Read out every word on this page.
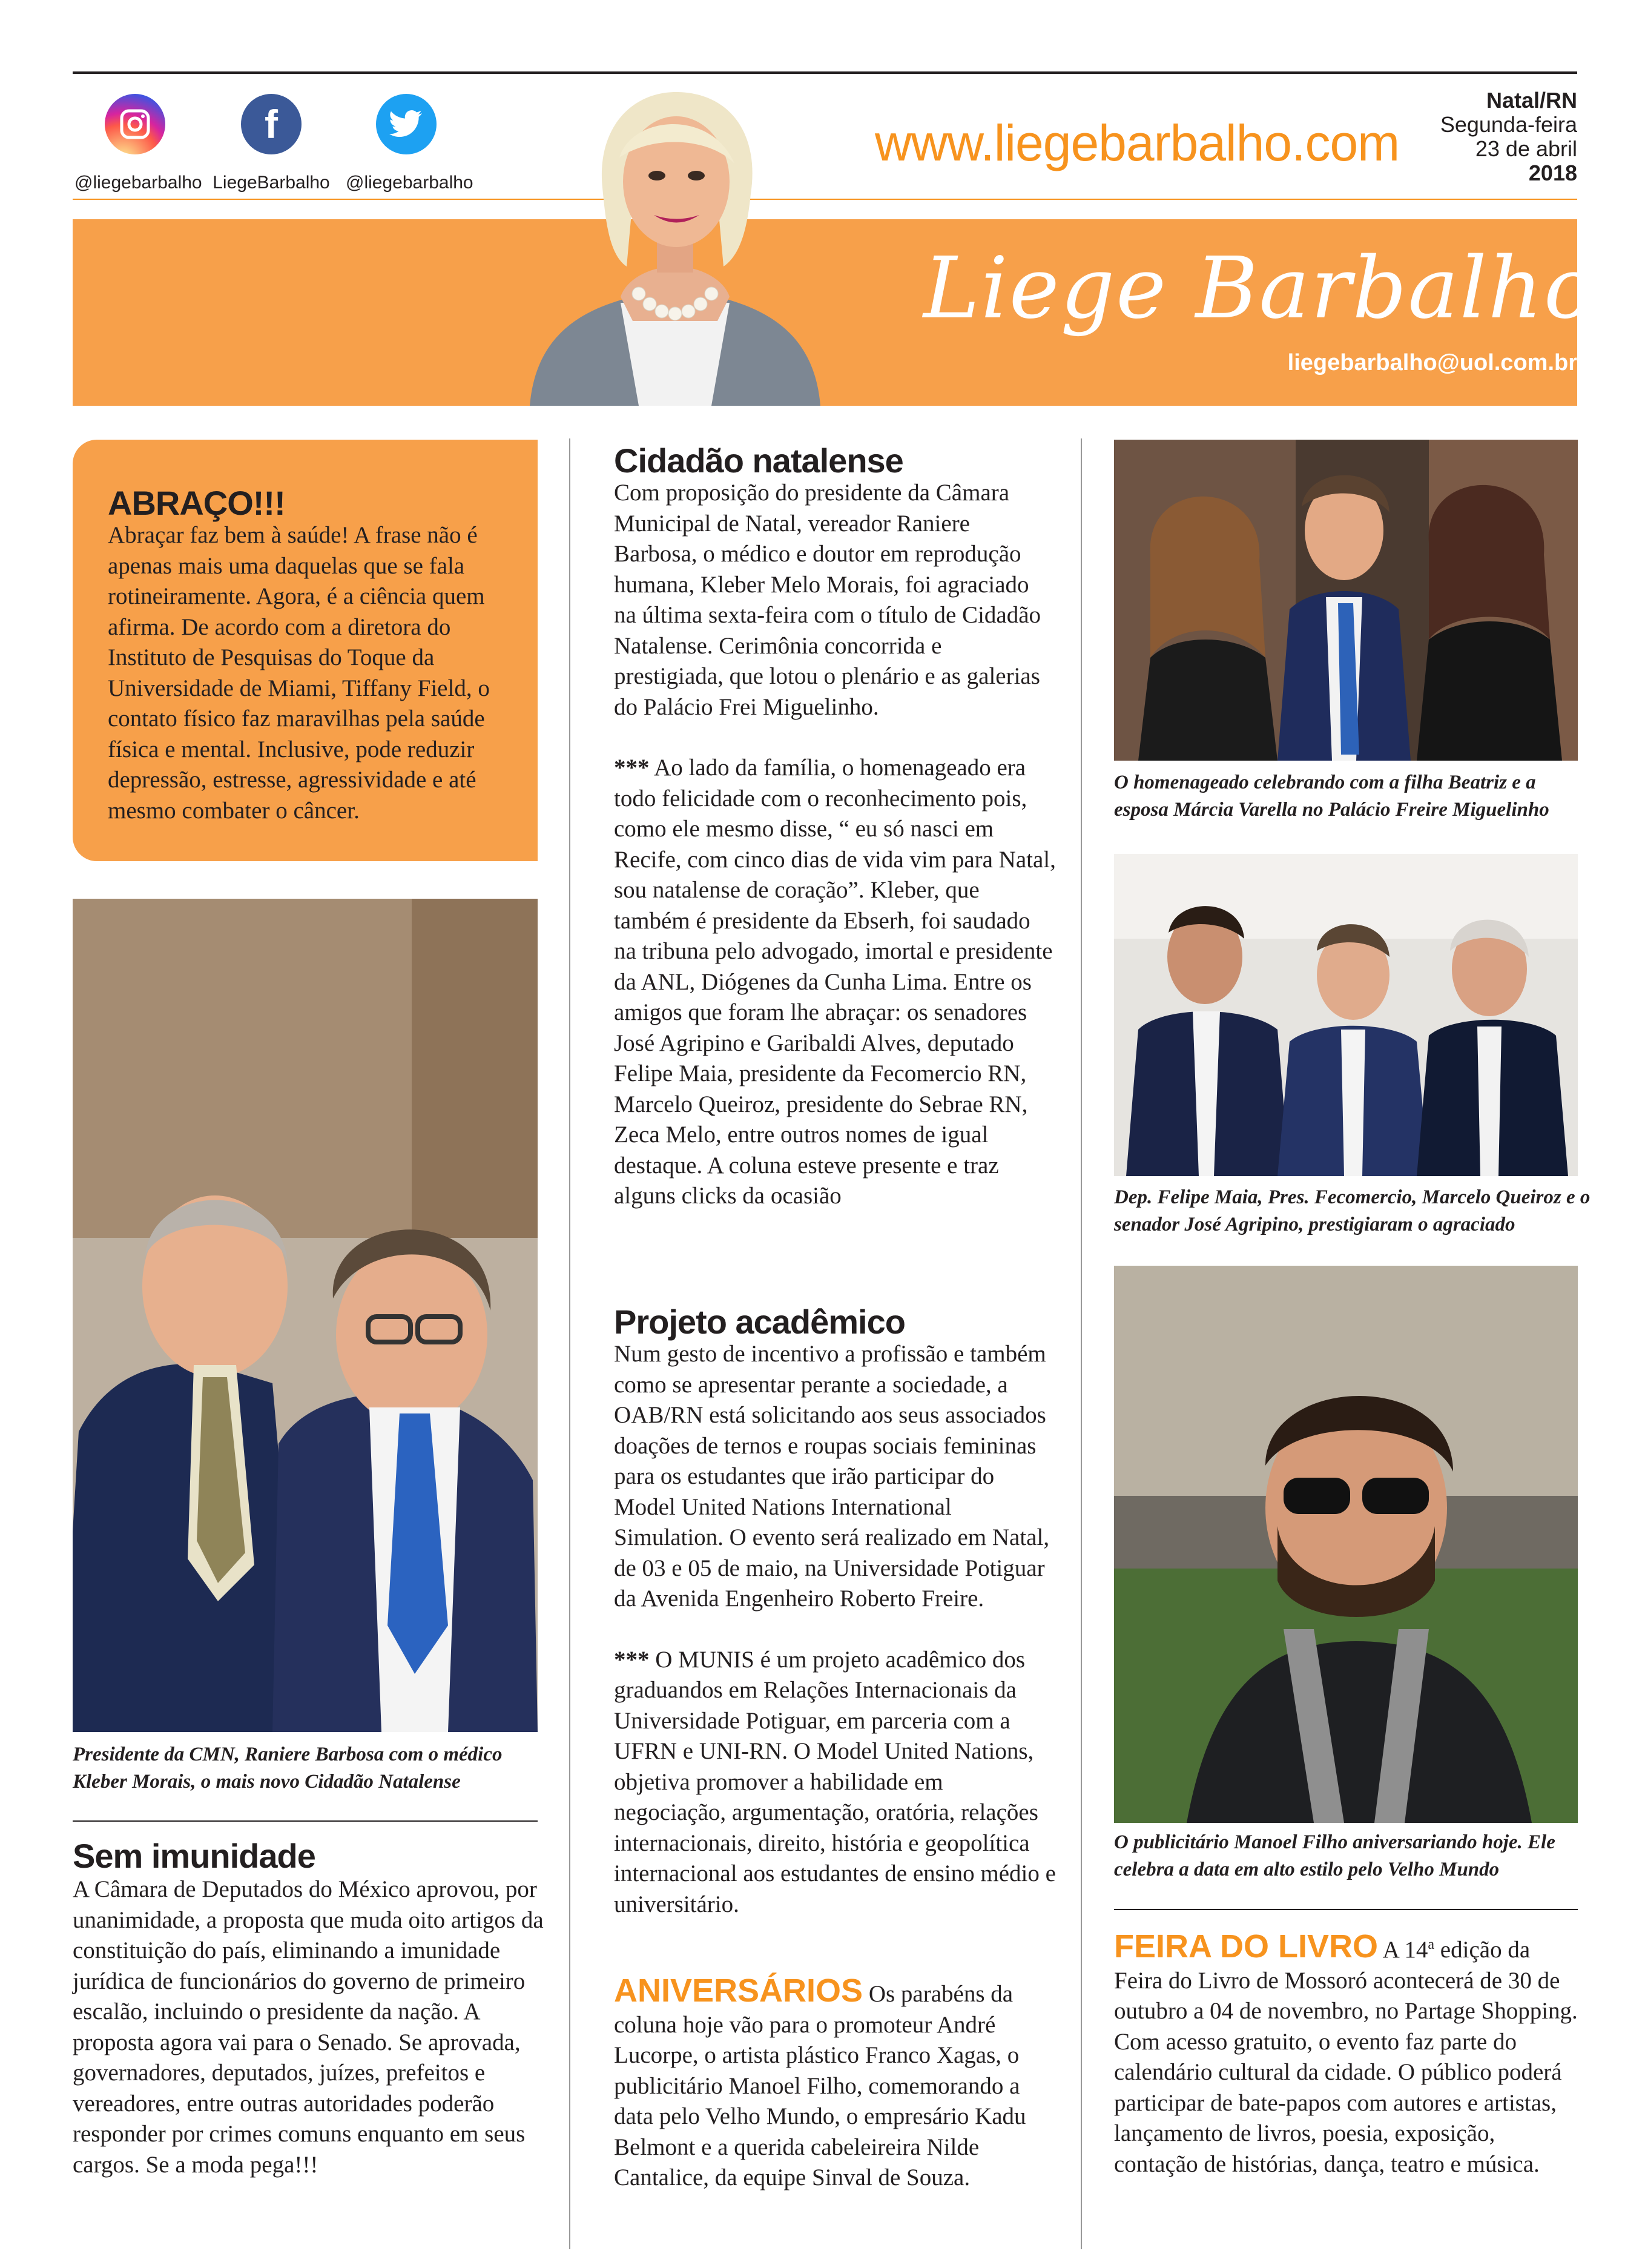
@liegebarbalho
f
LiegeBarbalho @liegebarbalho
www.liegebarbalho.com
Natal/RN
Segunda-feira
23 de abril
2018
Liege Barbalho
liegebarbalho@uol.com.br
ABRAÇO!!!
Abraçar faz bem à saúde! A frase não é apenas mais uma daquelas que se fala rotineiramente. Agora, é a ciência quem afirma. De acordo com a diretora do Instituto de Pesquisas do Toque da Universidade de Miami, Tiffany Field, o contato físico faz maravilhas pela saúde física e mental. Inclusive, pode reduzir depressão, estresse, agressividade e até mesmo combater o câncer.
Presidente da CMN, Raniere Barbosa com o médico Kleber Morais, o mais novo Cidadão Natalense
Sem imunidade
A Câmara de Deputados do México aprovou, por unanimidade, a proposta que muda oito artigos da constituição do país, eliminando a imunidade jurídica de funcionários do governo de primeiro escalão, incluindo o presidente da nação. A proposta agora vai para o Senado. Se aprovada, governadores, deputados, juízes, prefeitos e vereadores, entre outras autoridades poderão responder por crimes comuns enquanto em seus cargos. Se a moda pega!!!
Cidadão natalense
Com proposição do presidente da Câmara Municipal de Natal, vereador Raniere Barbosa, o médico e doutor em reprodução humana, Kleber Melo Morais, foi agraciado na última sexta-feira com o título de Cidadão Natalense. Cerimônia concorrida e prestigiada, que lotou o plenário e as galerias do Palácio Frei Miguelinho.
*** Ao lado da família, o homenageado era todo felicidade com o reconhecimento pois, como ele mesmo disse, “ eu só nasci em Recife, com cinco dias de vida vim para Natal, sou natalense de coração”. Kleber, que também é presidente da Ebserh, foi saudado na tribuna pelo advogado, imortal e presidente da ANL, Diógenes da Cunha Lima. Entre os amigos que foram lhe abraçar: os senadores José Agripino e Garibaldi Alves, deputado Felipe Maia, presidente da Fecomercio RN, Marcelo Queiroz, presidente do Sebrae RN, Zeca Melo, entre outros nomes de igual destaque. A coluna esteve presente e traz alguns clicks da ocasião
Projeto acadêmico
Num gesto de incentivo a profissão e também como se apresentar perante a sociedade, a OAB/RN está solicitando aos seus associados doações de ternos e roupas sociais femininas para os estudantes que irão participar do Model United Nations International Simulation. O evento será realizado em Natal, de 03 e 05 de maio, na Universidade Potiguar da Avenida Engenheiro Roberto Freire.
*** O MUNIS é um projeto acadêmico dos graduandos em Relações Internacionais da Universidade Potiguar, em parceria com a UFRN e UNI-RN. O Model United Nations, objetiva promover a habilidade em negociação, argumentação, oratória, relações internacionais, direito, história e geopolítica internacional aos estudantes de ensino médio e universitário.
ANIVERSÁRIOS Os parabéns da coluna hoje vão para o promoteur André Lucorpe, o artista plástico Franco Xagas, o publicitário Manoel Filho, comemorando a data pelo Velho Mundo, o empresário Kadu Belmont e a querida cabeleireira Nilde Cantalice, da equipe Sinval de Souza.
O homenageado celebrando com a filha Beatriz e a esposa Márcia Varella no Palácio Freire Miguelinho
Dep. Felipe Maia, Pres. Fecomercio, Marcelo Queiroz e o senador José Agripino, prestigiaram o agraciado
O publicitário Manoel Filho aniversariando hoje. Ele celebra a data em alto estilo pelo Velho Mundo
FEIRA DO LIVRO A 14$^a$ edição da Feira do Livro de Mossoró acontecerá de 30 de outubro a 04 de novembro, no Partage Shopping. Com acesso gratuito, o evento faz parte do calendário cultural da cidade. O público poderá participar de bate-papos com autores e artistas, lançamento de livros, poesia, exposição, contação de histórias, dança, teatro e música.
